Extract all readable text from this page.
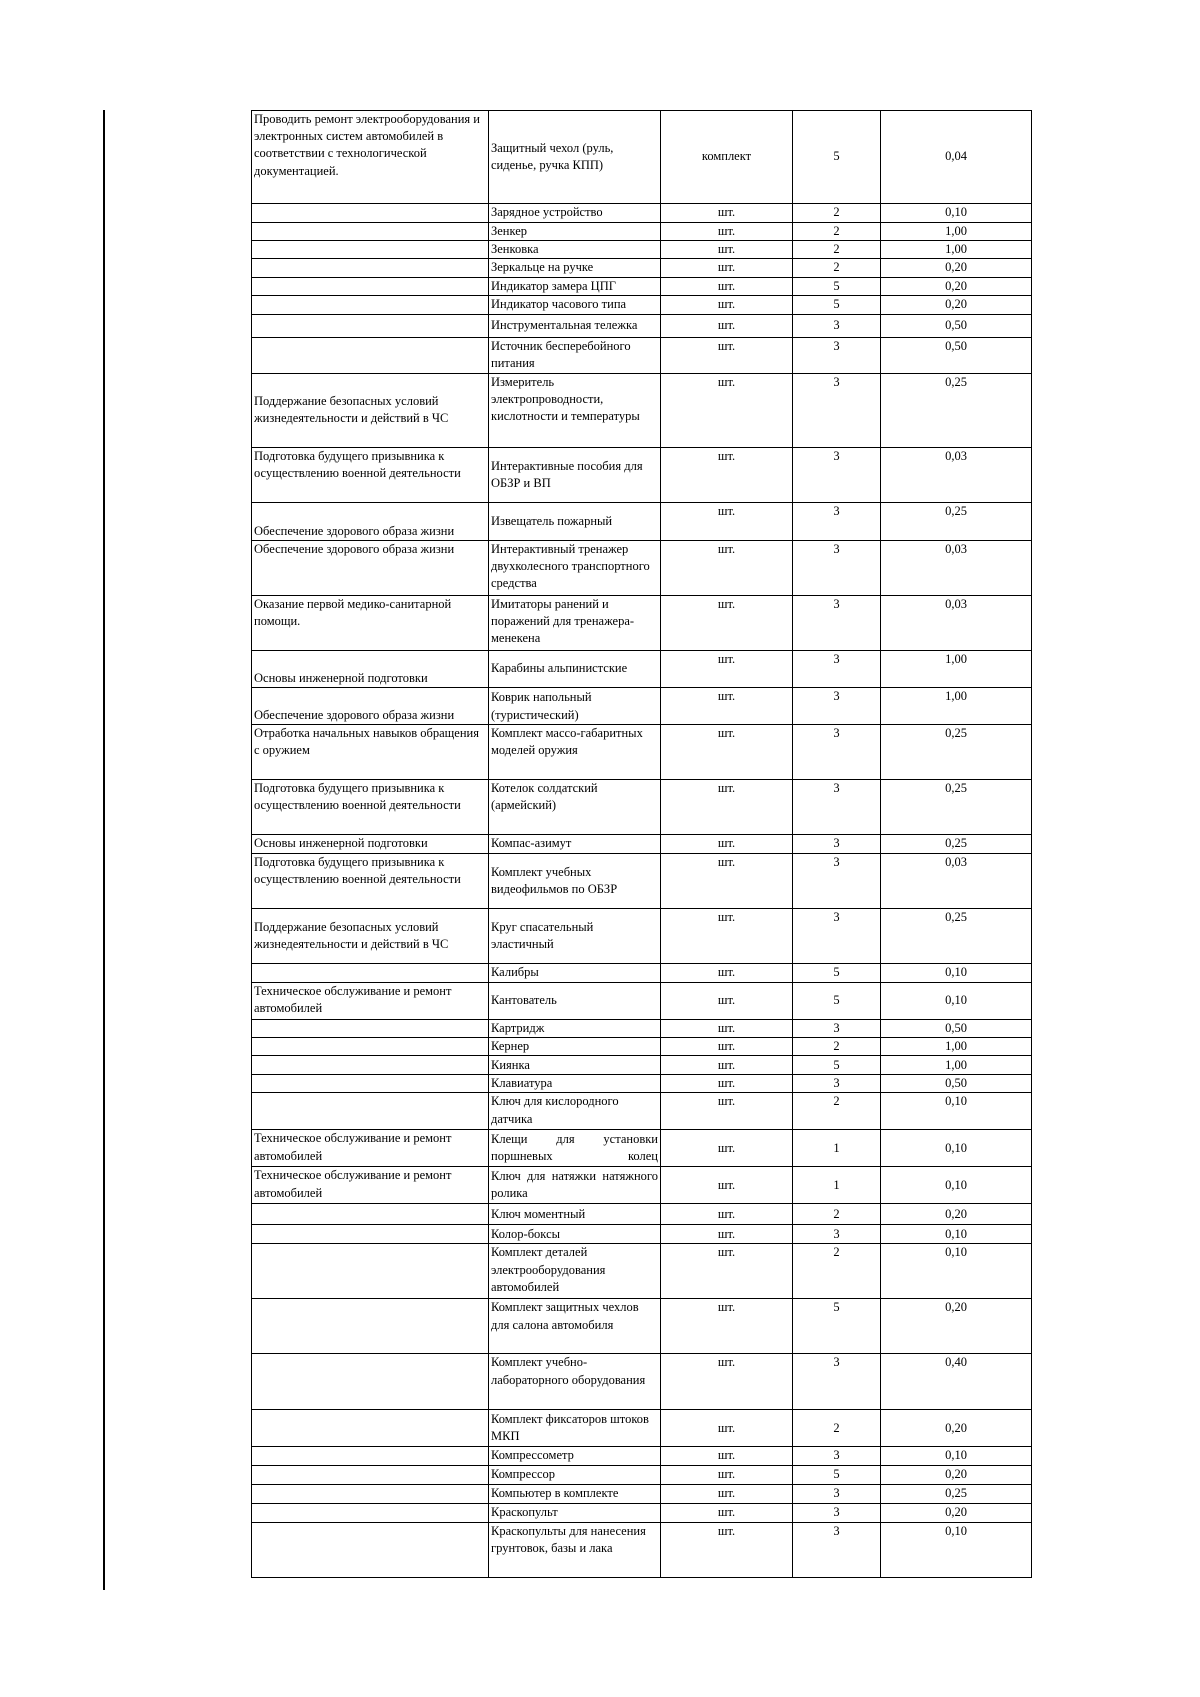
Проводить ремонт электрооборудования и электронных систем автомобилей в соответствии с технологической документацией.	Защитный чехол (руль, сиденье, ручка КПП)	комплект	5	0,04
	Зарядное устройство	шт.	2	0,10
	Зенкер	шт.	2	1,00
	Зенковка	шт.	2	1,00
	Зеркальце на ручке	шт.	2	0,20
	Индикатор замера ЦПГ	шт.	5	0,20
	Индикатор часового типа	шт.	5	0,20
	Инструментальная тележка	шт.	3	0,50
	Источник бесперебойного питания	шт.	3	0,50
Поддержание безопасных условий жизнедеятельности и действий в ЧС	Измеритель электропроводности, кислотности и температуры	шт.	3	0,25
Подготовка будущего призывника к осуществлению военной деятельности	Интерактивные пособия для ОБЗР и ВП	шт.	3	0,03
Обеспечение здорового образа жизни	Извещатель пожарный	шт.	3	0,25
Обеспечение здорового образа жизни	Интерактивный тренажер двухколесного транспортного средства	шт.	3	0,03
Оказание первой медико-санитарной помощи.	Имитаторы ранений и поражений для тренажера-менекена	шт.	3	0,03
Основы инженерной подготовки	Карабины альпинистские	шт.	3	1,00
Обеспечение здорового образа жизни	Коврик напольный (туристический)	шт.	3	1,00
Отработка начальных навыков обращения с оружием	Комплект массо-габаритных моделей оружия	шт.	3	0,25
Подготовка будущего призывника к осуществлению военной деятельности	Котелок солдатский (армейский)	шт.	3	0,25
Основы инженерной подготовки	Компас-азимут	шт.	3	0,25
Подготовка будущего призывника к осуществлению военной деятельности	Комплект учебных видеофильмов по ОБЗР	шт.	3	0,03
Поддержание безопасных условий жизнедеятельности и действий в ЧС	Круг спасательный эластичный	шт.	3	0,25
	Калибры	шт.	5	0,10
Техническое обслуживание и ремонт автомобилей	Кантователь	шт.	5	0,10
	Картридж	шт.	3	0,50
	Кернер	шт.	2	1,00
	Киянка	шт.	5	1,00
	Клавиатура	шт.	3	0,50
	Ключ для кислородного датчика	шт.	2	0,10
Техническое обслуживание и ремонт автомобилей	Клещи для установки поршневых колец	шт.	1	0,10
Техническое обслуживание и ремонт автомобилей	Ключ для натяжки натяжного ролика	шт.	1	0,10
	Ключ моментный	шт.	2	0,20
	Колор-боксы	шт.	3	0,10
	Комплект деталей электрооборудования автомобилей	шт.	2	0,10
	Комплект защитных чехлов для салона автомобиля	шт.	5	0,20
	Комплект учебно-лабораторного оборудования	шт.	3	0,40
	Комплект фиксаторов штоков МКП	шт.	2	0,20
	Компрессометр	шт.	3	0,10
	Компрессор	шт.	5	0,20
	Компьютер в комплекте	шт.	3	0,25
	Краскопульт	шт.	3	0,20
	Краскопульты для нанесения грунтовок, базы и лака	шт.	3	0,10
